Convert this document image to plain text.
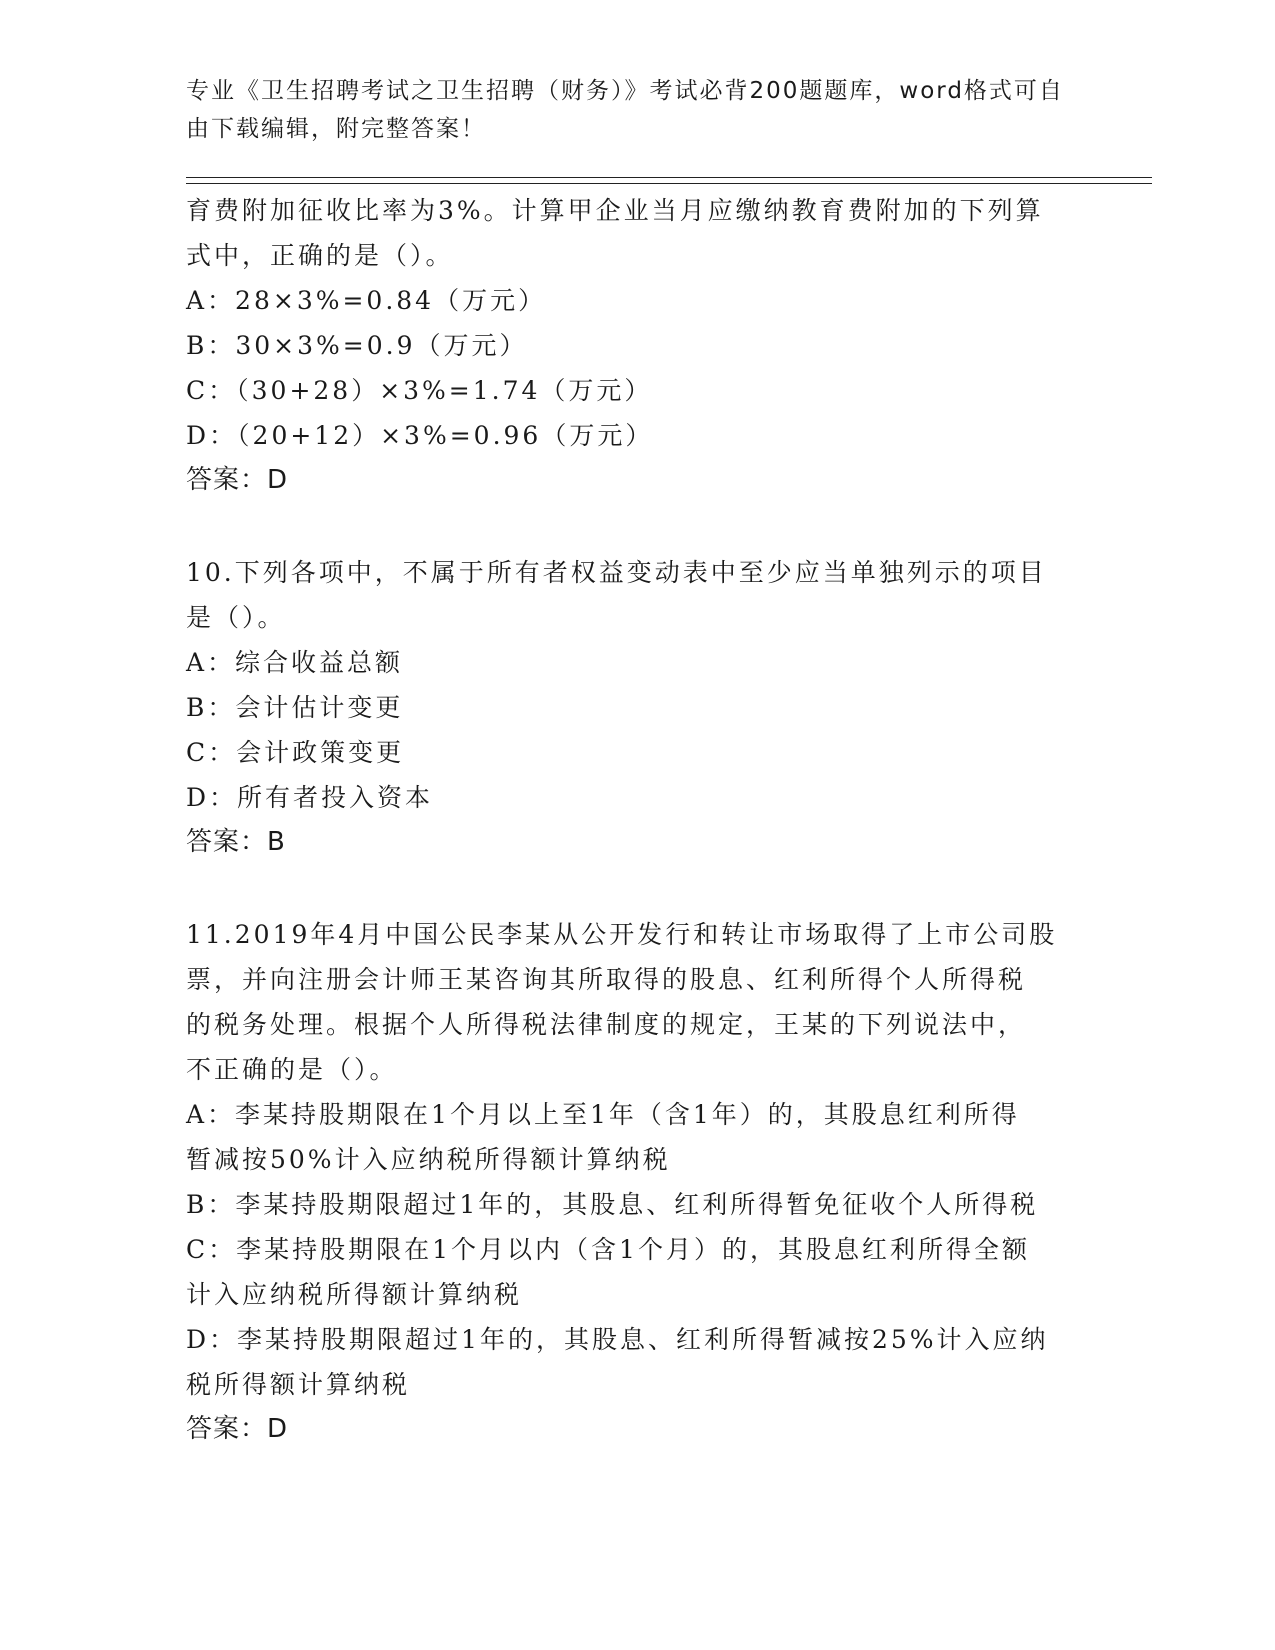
专业《卫生招聘考试之卫生招聘（财务）》考试必背200题题库，word格式可自
由下载编辑，附完整答案！
育费附加征收比率为3%。计算甲企业当月应缴纳教育费附加的下列算
式中，正确的是（）。
A：28×3%=0.84（万元）
B：30×3%=0.9（万元）
C：（30+28）×3%=1.74（万元）
D：（20+12）×3%=0.96（万元）
答案：D
10.下列各项中，不属于所有者权益变动表中至少应当单独列示的项目
是（）。
A：综合收益总额
B：会计估计变更
C：会计政策变更
D：所有者投入资本
答案：B
11.2019年4月中国公民李某从公开发行和转让市场取得了上市公司股
票，并向注册会计师王某咨询其所取得的股息、红利所得个人所得税
的税务处理。根据个人所得税法律制度的规定，王某的下列说法中，
不正确的是（）。
A：李某持股期限在1个月以上至1年（含1年）的，其股息红利所得
暂减按50%计入应纳税所得额计算纳税
B：李某持股期限超过1年的，其股息、红利所得暂免征收个人所得税
C：李某持股期限在1个月以内（含1个月）的，其股息红利所得全额
计入应纳税所得额计算纳税
D：李某持股期限超过1年的，其股息、红利所得暂减按25%计入应纳
税所得额计算纳税
答案：D
